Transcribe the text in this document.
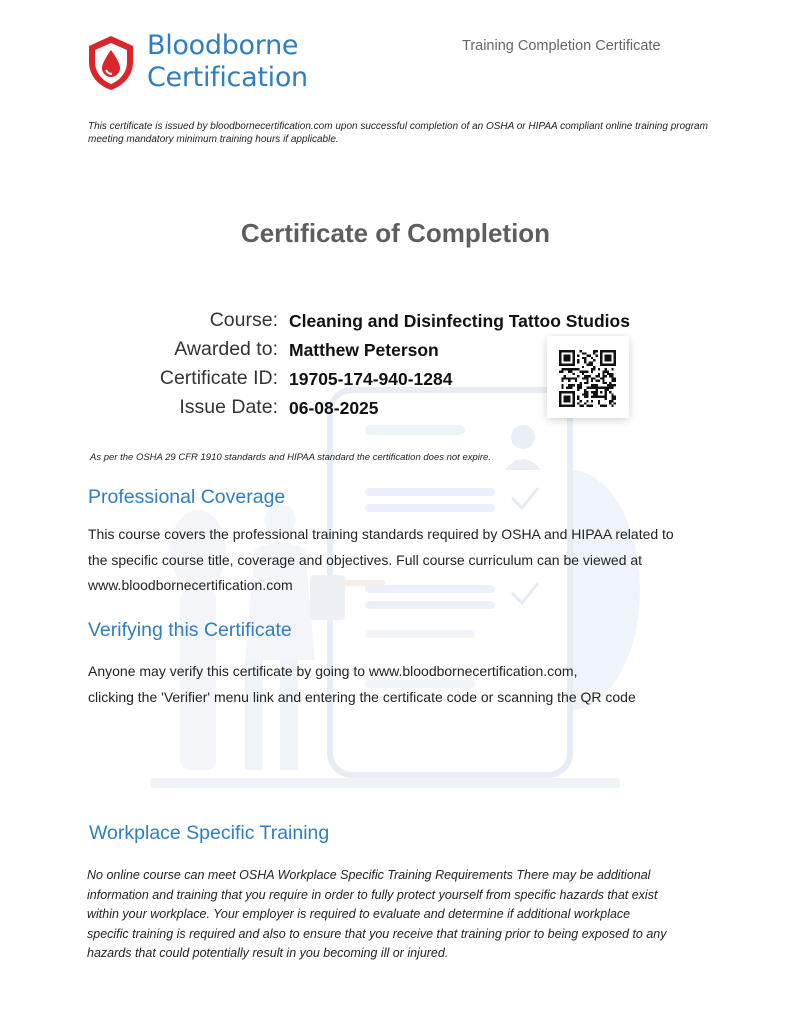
Bloodborne
Certification
Training Completion Certificate
This certificate is issued by bloodbornecertification.com upon successful completion of an OSHA or HIPAA compliant online training program meeting mandatory minimum training hours if applicable.
Certificate of Completion
Course: Cleaning and Disinfecting Tattoo Studios
Awarded to: Matthew Peterson
Certificate ID: 19705-174-940-1284
Issue Date: 06-08-2025
As per the OSHA 29 CFR 1910 standards and HIPAA standard the certification does not expire.
Professional Coverage
This course covers the professional training standards required by OSHA and HIPAA related to
the specific course title, coverage and objectives. Full course curriculum can be viewed at
www.bloodbornecertification.com
Verifying this Certificate
Anyone may verify this certificate by going to www.bloodbornecertification.com,
clicking the 'Verifier' menu link and entering the certificate code or scanning the QR code
Workplace Specific Training
No online course can meet OSHA Workplace Specific Training Requirements There may be additional
information and training that you require in order to fully protect yourself from specific hazards that exist
within your workplace. Your employer is required to evaluate and determine if additional workplace
specific training is required and also to ensure that you receive that training prior to being exposed to any
hazards that could potentially result in you becoming ill or injured.
